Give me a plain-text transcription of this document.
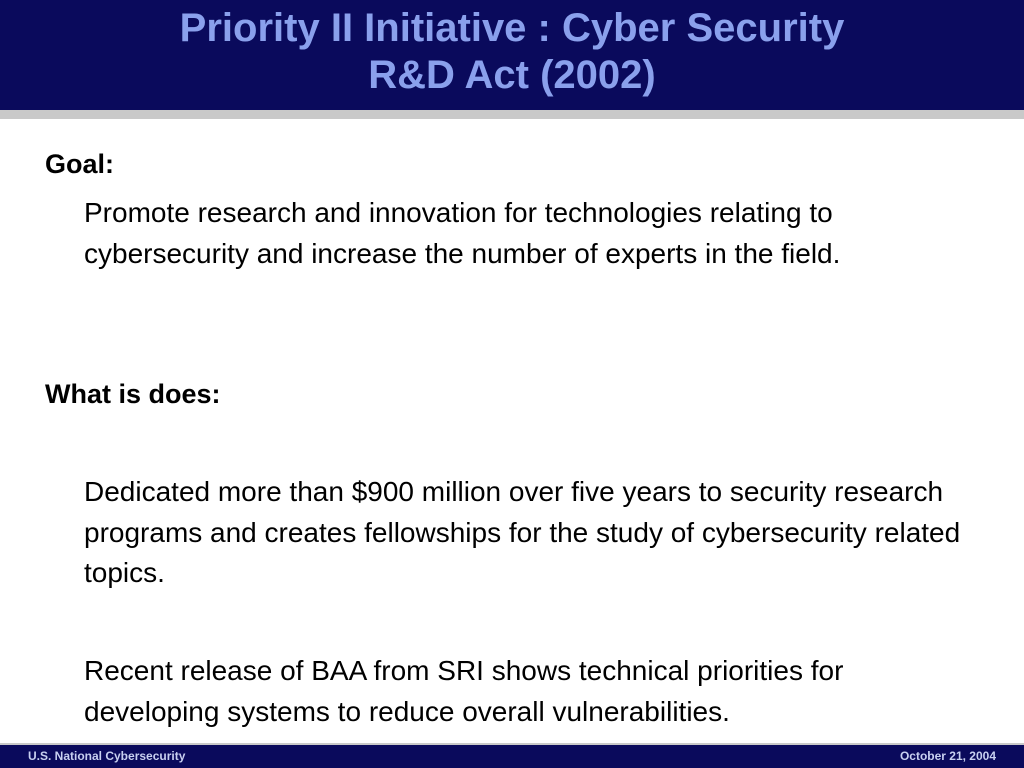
Priority II Initiative : Cyber Security
R&D Act (2002)

Goal:

Promote research and innovation for technologies relating to cybersecurity and increase the number of experts in the field.

What is does:

Dedicated more than $900 million over five years to security research programs and creates fellowships for the study of cybersecurity related topics.

Recent release of BAA from SRI shows technical priorities for developing systems to reduce overall vulnerabilities.

U.S. National Cybersecurity	October 21, 2004
